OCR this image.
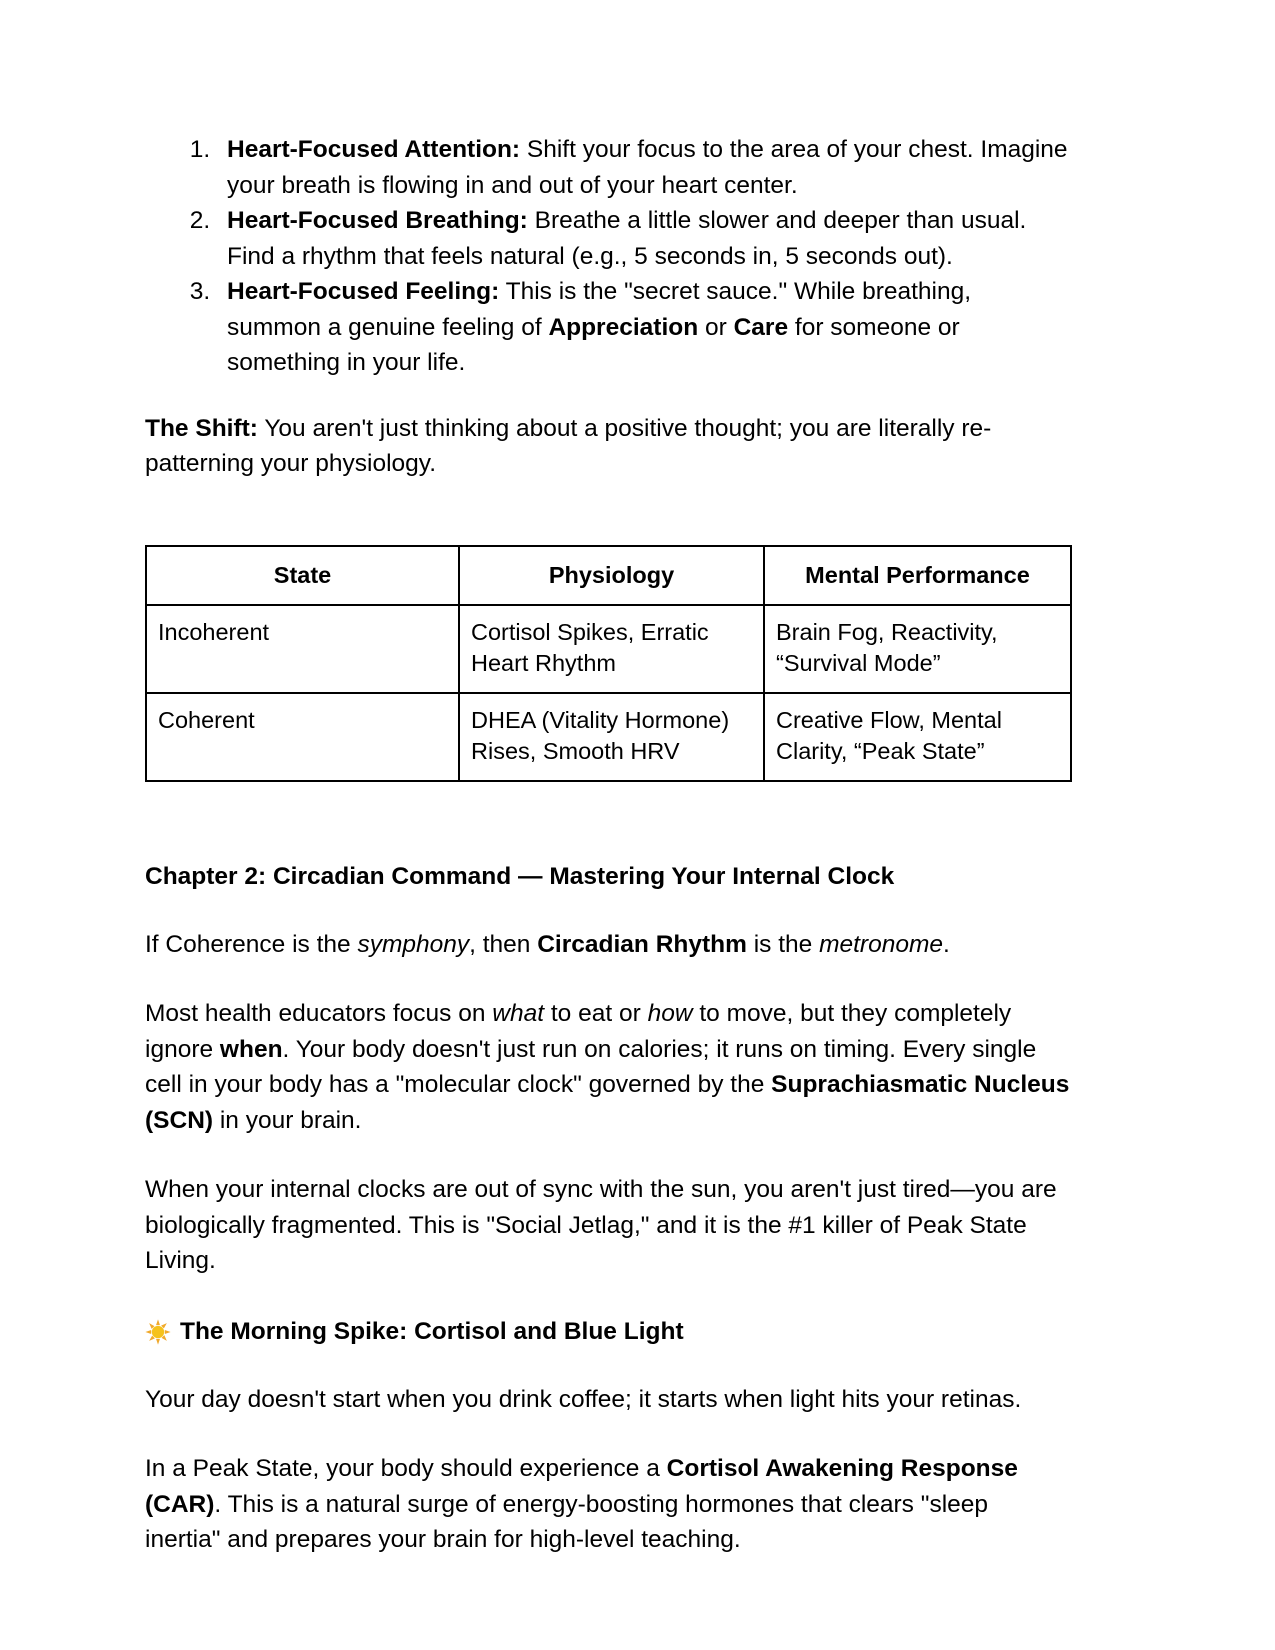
1. Heart-Focused Attention: Shift your focus to the area of your chest. Imagine your breath is flowing in and out of your heart center.
2. Heart-Focused Breathing: Breathe a little slower and deeper than usual. Find a rhythm that feels natural (e.g., 5 seconds in, 5 seconds out).
3. Heart-Focused Feeling: This is the "secret sauce." While breathing, summon a genuine feeling of Appreciation or Care for someone or something in your life.

The Shift: You aren't just thinking about a positive thought; you are literally re-patterning your physiology.

State	Physiology	Mental Performance
Incoherent	Cortisol Spikes, Erratic Heart Rhythm	Brain Fog, Reactivity, “Survival Mode”
Coherent	DHEA (Vitality Hormone) Rises, Smooth HRV	Creative Flow, Mental Clarity, “Peak State”
Chapter 2: Circadian Command — Mastering Your Internal Clock

If Coherence is the symphony, then Circadian Rhythm is the metronome.

Most health educators focus on what to eat or how to move, but they completely ignore when. Your body doesn't just run on calories; it runs on timing. Every single cell in your body has a "molecular clock" governed by the Suprachiasmatic Nucleus (SCN) in your brain.

When your internal clocks are out of sync with the sun, you aren't just tired—you are biologically fragmented. This is "Social Jetlag," and it is the #1 killer of Peak State Living.

The Morning Spike: Cortisol and Blue Light

Your day doesn't start when you drink coffee; it starts when light hits your retinas.

In a Peak State, your body should experience a Cortisol Awakening Response (CAR). This is a natural surge of energy-boosting hormones that clears "sleep inertia" and prepares your brain for high-level teaching.
